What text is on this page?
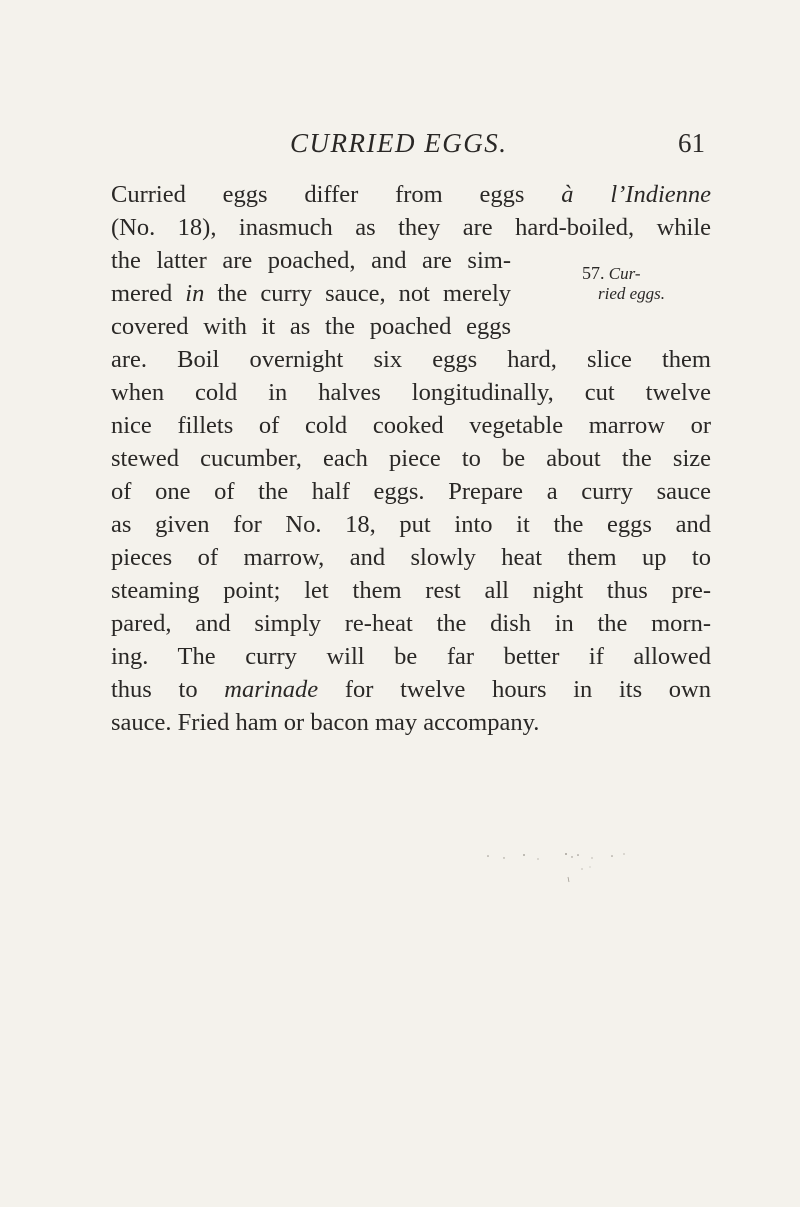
CURRIED EGGS.	61
57. Cur-
ried eggs.
Curried eggs differ from eggs à l’Indienne
(No. 18), inasmuch as they are hard-boiled, while
the latter are poached, and are sim-
mered in the curry sauce, not merely
covered with it as the poached eggs
are. Boil overnight six eggs hard, slice them
when cold in halves longitudinally, cut twelve
nice fillets of cold cooked vegetable marrow or
stewed cucumber, each piece to be about the size
of one of the half eggs. Prepare a curry sauce
as given for No. 18, put into it the eggs and
pieces of marrow, and slowly heat them up to
steaming point; let them rest all night thus pre-
pared, and simply re-heat the dish in the morn-
ing. The curry will be far better if allowed
thus to marinade for twelve hours in its own
sauce. Fried ham or bacon may accompany.
